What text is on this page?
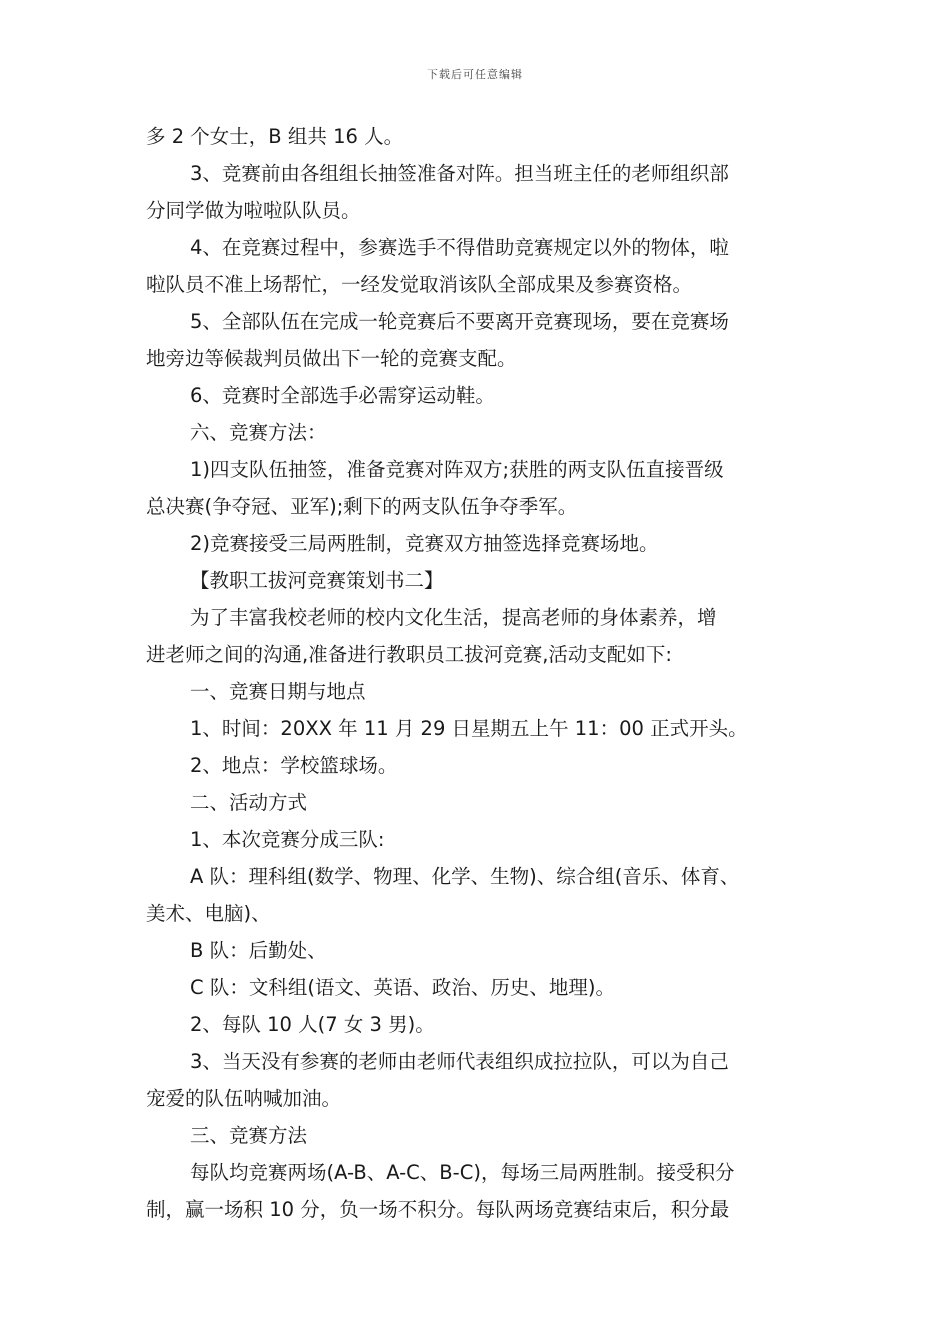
下载后可任意编辑

多 2 个女士，B 组共 16 人。

3、竞赛前由各组组长抽签准备对阵。担当班主任的老师组织部

分同学做为啦啦队队员。

4、在竞赛过程中，参赛选手不得借助竞赛规定以外的物体，啦

啦队员不准上场帮忙，一经发觉取消该队全部成果及参赛资格。

5、全部队伍在完成一轮竞赛后不要离开竞赛现场，要在竞赛场

地旁边等候裁判员做出下一轮的竞赛支配。

6、竞赛时全部选手必需穿运动鞋。

六、竞赛方法：

1)四支队伍抽签，准备竞赛对阵双方;获胜的两支队伍直接晋级

总决赛(争夺冠、亚军);剩下的两支队伍争夺季军。

2)竞赛接受三局两胜制，竞赛双方抽签选择竞赛场地。

【教职工拔河竞赛策划书二】

为了丰富我校老师的校内文化生活，提高老师的身体素养，增

进老师之间的沟通,准备进行教职员工拔河竞赛,活动支配如下:

一、竞赛日期与地点

1、时间：20XX 年 11 月 29 日星期五上午 11：00 正式开头。

2、地点：学校篮球场。

二、活动方式

1、本次竞赛分成三队:

A 队：理科组(数学、物理、化学、生物)、综合组(音乐、体育、

美术、电脑)、

B 队：后勤处、

C 队：文科组(语文、英语、政治、历史、地理)。

2、每队 10 人(7 女 3 男)。

3、当天没有参赛的老师由老师代表组织成拉拉队，可以为自己

宠爱的队伍呐喊加油。

三、竞赛方法

每队均竞赛两场(A-B、A-C、B-C)，每场三局两胜制。接受积分

制，赢一场积 10 分，负一场不积分。每队两场竞赛结束后，积分最
